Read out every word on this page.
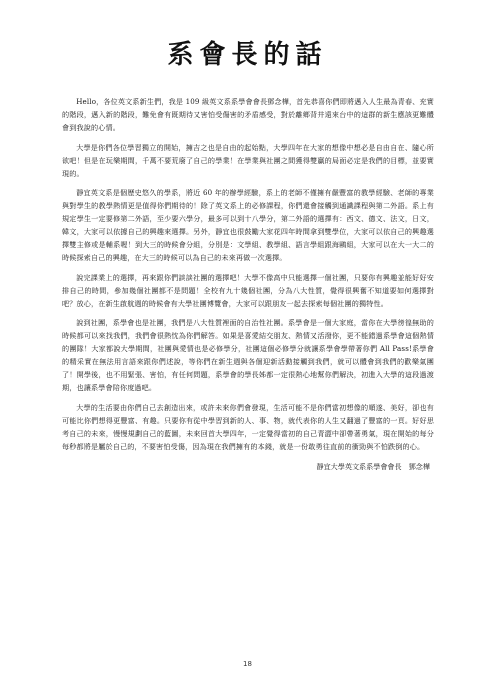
系會長的話

Hello，各位英文系新生們，我是 109 級英文系系學會會長鄧念樺，首先恭喜你們即將邁入人生最為青春、充實的階段，邁入新的階段，難免會有既期待又害怕受傷害的矛盾感受，對於離鄉背井遠來台中的這群的新生應該更難體會到我說的心情。

大學是你們各位學習獨立的開始，擁吉之也是自由的起始點，大學四年在大家的想像中想必是自由自在、隨心所欲吧！但是在玩樂期間，千萬不要荒廢了自己的學業！在學業與社團之間獲得雙贏的局面必定是我們的目標，並要實現的。

靜宜英文系是個歷史悠久的學系，將近 60 年的辦學經驗，系上的老師不僅擁有嚴豐富的教學經驗、老師的專業與對學生的教學熱情更是值得你們期待的！除了英文系上的必修課程，你們還會接觸到通識課程與第二外語。系上有規定學生一定要修第二外語，至少要六學分，最多可以到十八學分，第二外語的選擇有：西文、德文、法文，日文，韓文，大家可以依據自己的興趣來選擇。另外，靜宜也很鼓勵大家花四年時間拿到雙學位，大家可以依自己的興趣選擇雙主修或是輔系喔！到大三的時候會分組，分別是：文學組、教學組、語言學組跟海鷗組，大家可以在大一大二的時候探索自己的興趣，在大三的時候可以為自己的未來再做一次選擇。

說完課業上的選擇，再來跟你們談談社團的選擇吧！大學不像高中只能選擇一個社團，只要你有興趣並能好好安排自己的時間，參加幾個社團都不是問題！全校有九十幾個社團，分為八大性質，覺得很興奮不知道要如何選擇對吧？放心，在新生啟航週的時候會有大學社團博覽會，大家可以跟朋友一起去探索每個社團的獨特性。

說到社團，系學會也是社團，我們是八大性質裡面的自治性社團。系學會是一個大家庭，當你在大學徬徨無助的時候都可以來找我們，我們會很熱忱為你們解答。如果是喜愛結交朋友、熱情又活潑你，更不能錯過系學會這個熱情的團隊！大家都說大學期間，社團與愛情也是必修學分，社團這個必修學分就讓系學會學帶著你們 All Pass!系學會的精采實在無法用言語來跟你們述說，等你們在新生週與各個迎新活動接觸到我們，就可以體會到我們的歡樂氣團了！開學後，也不用緊張、害怕，有任何問題，系學會的學長姊都一定很熱心地幫你們解決，初進入大學的這段過渡期，也讓系學會陪你度過吧。

大學的生活要由你們自己去創造出來，或許未來你們會發現，生活可能不是你們當初想像的順遂、美好，卻也有可能比你們想得更豐富、有趣。只要你有從中學習到新的人、事、物，就代表你的人生又翻過了豐富的一頁。好好思考自己的未來，慢慢規劃自己的藍圖，未來回首大學四年，一定覺得當初的自己青澀中卻帶著勇氣，現在開始的每分每秒都將是屬於自己的，不要害怕受傷，因為現在我們擁有的本錢，就是一份敢勇往直前的衝勁與不怕跌倒的心。

靜宜大學英文系系學會會長　鄧念樺
18
